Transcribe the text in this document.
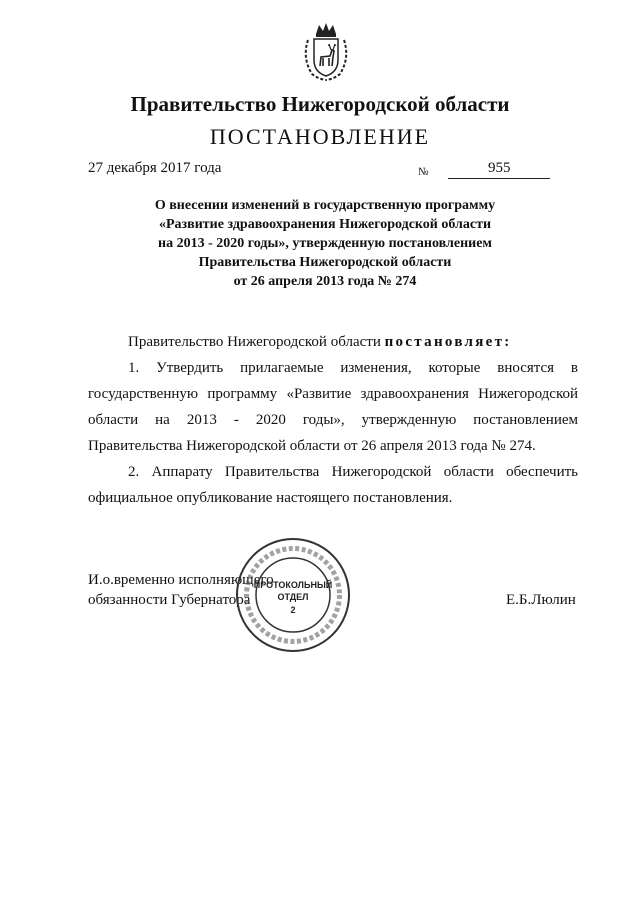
Правительство Нижегородской области
ПОСТАНОВЛЕНИЕ
27 декабря 2017 года	$_№$	955
О внесении изменений в государственную программу
«Развитие здравоохранения Нижегородской области
на 2013 - 2020 годы», утвержденную постановлением
Правительства Нижегородской области
от 26 апреля 2013 года № 274
Правительство Нижегородской области постановляет:
1. Утвердить прилагаемые изменения, которые вносятся в
государственную программу «Развитие здравоохранения Нижегородской
области на 2013 - 2020 годы», утвержденную постановлением
Правительства Нижегородской области от 26 апреля 2013 года № 274.
2. Аппарату Правительства Нижегородской области обеспечить
официальное опубликование настоящего постановления.
И.о.временно исполняющего
обязанности Губернатора	Е.Б.Люлин
ПРОТОКОЛЬНЫЙ
ОТДЕЛ
2
